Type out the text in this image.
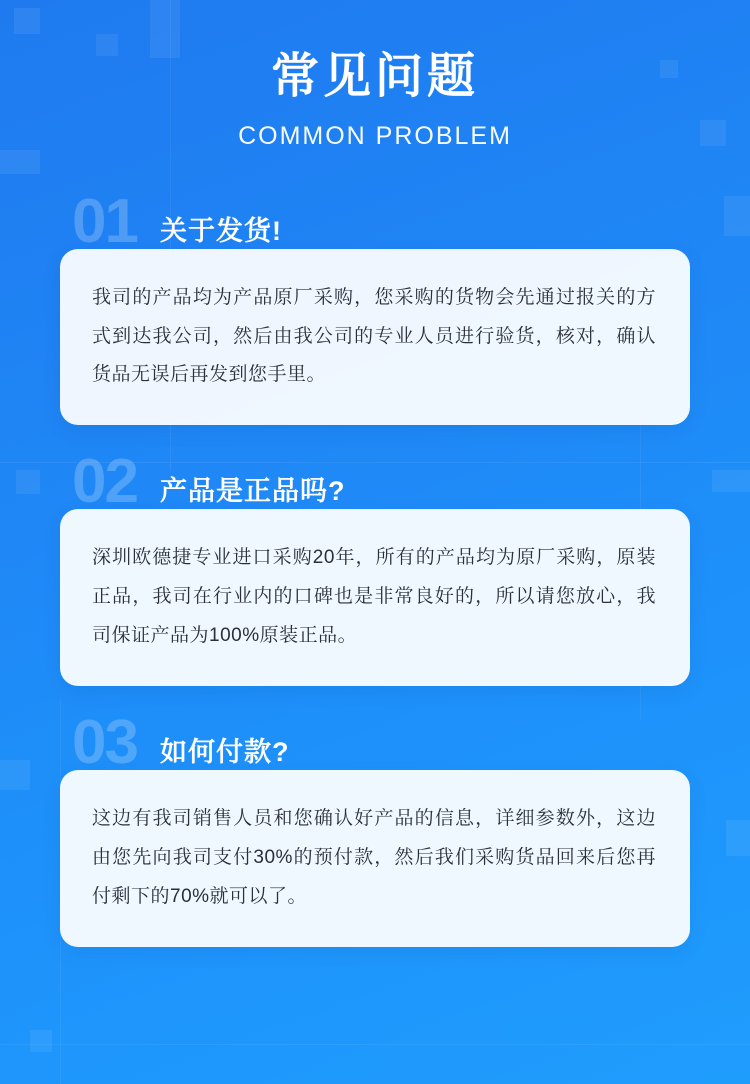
常见问题
COMMON PROBLEM
01 关于发货!

我司的产品均为产品原厂采购，您采购的货物会先通过报关的方式到达我公司，然后由我公司的专业人员进行验货，核对，确认货品无误后再发到您手里。

02 产品是正品吗?

深圳欧德捷专业进口采购20年，所有的产品均为原厂采购，原装正品，我司在行业内的口碑也是非常良好的，所以请您放心，我司保证产品为100%原装正品。

03 如何付款?

这边有我司销售人员和您确认好产品的信息，详细参数外，这边由您先向我司支付30%的预付款，然后我们采购货品回来后您再付剩下的70%就可以了。
